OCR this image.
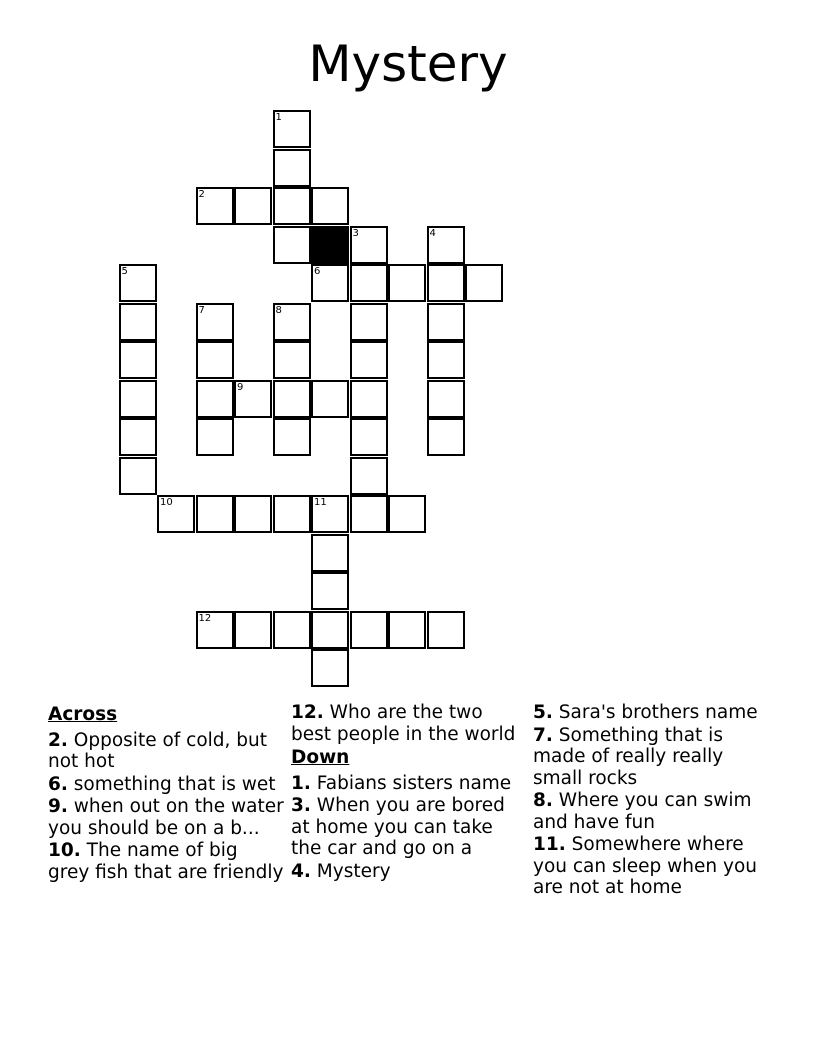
Mystery
1
2
3	4
5	6
7	8
9
10	11
12
Across
2. Opposite of cold, but not hot
6. something that is wet
9. when out on the water you should be on a b...
10. The name of big grey fish that are friendly
12. Who are the two best people in the world
Down
1. Fabians sisters name
3. When you are bored at home you can take the car and go on a
4. Mystery
5. Sara's brothers name
7. Something that is made of really really small rocks
8. Where you can swim and have fun
11. Somewhere where you can sleep when you are not at home
